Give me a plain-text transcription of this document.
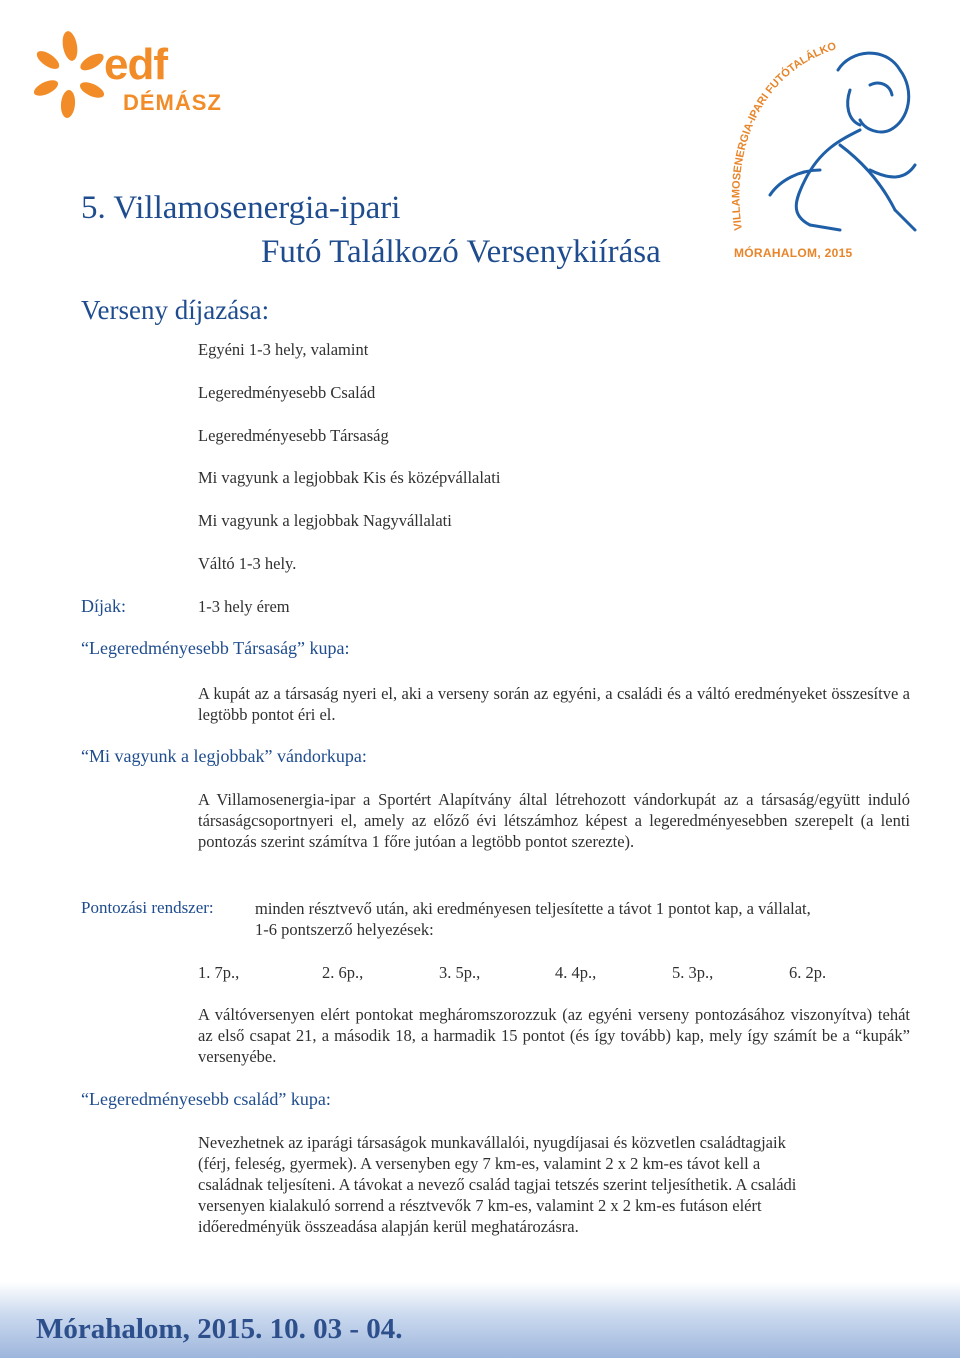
edf
DÉMÁSZ
VILLAMOSENERGIA-IPARI FUTÓTALÁLKO
MÓRAHALOM, 2015
5. Villamosenergia-ipari
Futó Találkozó Versenykiírása
Verseny díjazása:
Egyéni 1-3 hely, valamint
Legeredményesebb Család
Legeredményesebb Társaság
Mi vagyunk a legjobbak Kis és középvállalati
Mi vagyunk a legjobbak Nagyvállalati
Váltó 1-3 hely.
Díjak:	1-3 hely érem
“Legeredményesebb Társaság” kupa:
A kupát az a társaság nyeri el, aki a verseny során az egyéni, a családi és a váltó eredményeket összesítve a legtöbb pontot éri el.
“Mi vagyunk a legjobbak” vándorkupa:
A Villamosenergia-ipar a Sportért Alapítvány által létrehozott vándorkupát az a társaság/együtt induló társaságcsoportnyeri el, amely az előző évi létszámhoz képest a legeredményesebben szerepelt (a lenti pontozás szerint számítva 1 főre jutóan a legtöbb pontot szerezte).
Pontozási rendszer:	minden résztvevő után, aki eredményesen teljesítette a távot 1 pontot kap, a vállalat,
1-6 pontszerző helyezések:
1. 7p.,	2. 6p.,	3. 5p.,	4. 4p.,	5. 3p.,	6. 2p.
A váltóversenyen elért pontokat megháromszorozzuk (az egyéni verseny pontozásához viszonyítva) tehát az első csapat 21, a második 18, a harmadik 15 pontot (és így tovább) kap, mely így számít be a “kupák” versenyébe.
“Legeredményesebb család” kupa:
Nevezhetnek az iparági társaságok munkavállalói, nyugdíjasai és közvetlen családtagjaik
(férj, feleség, gyermek). A versenyben egy 7 km-es, valamint 2 x 2 km-es távot kell a
családnak teljesíteni. A távokat a nevező család tagjai tetszés szerint teljesíthetik. A családi
versenyen kialakuló sorrend a résztvevők 7 km-es, valamint 2 x 2 km-es futáson elért
időeredményük összeadása alapján kerül meghatározásra.
Mórahalom, 2015. 10. 03 - 04.
